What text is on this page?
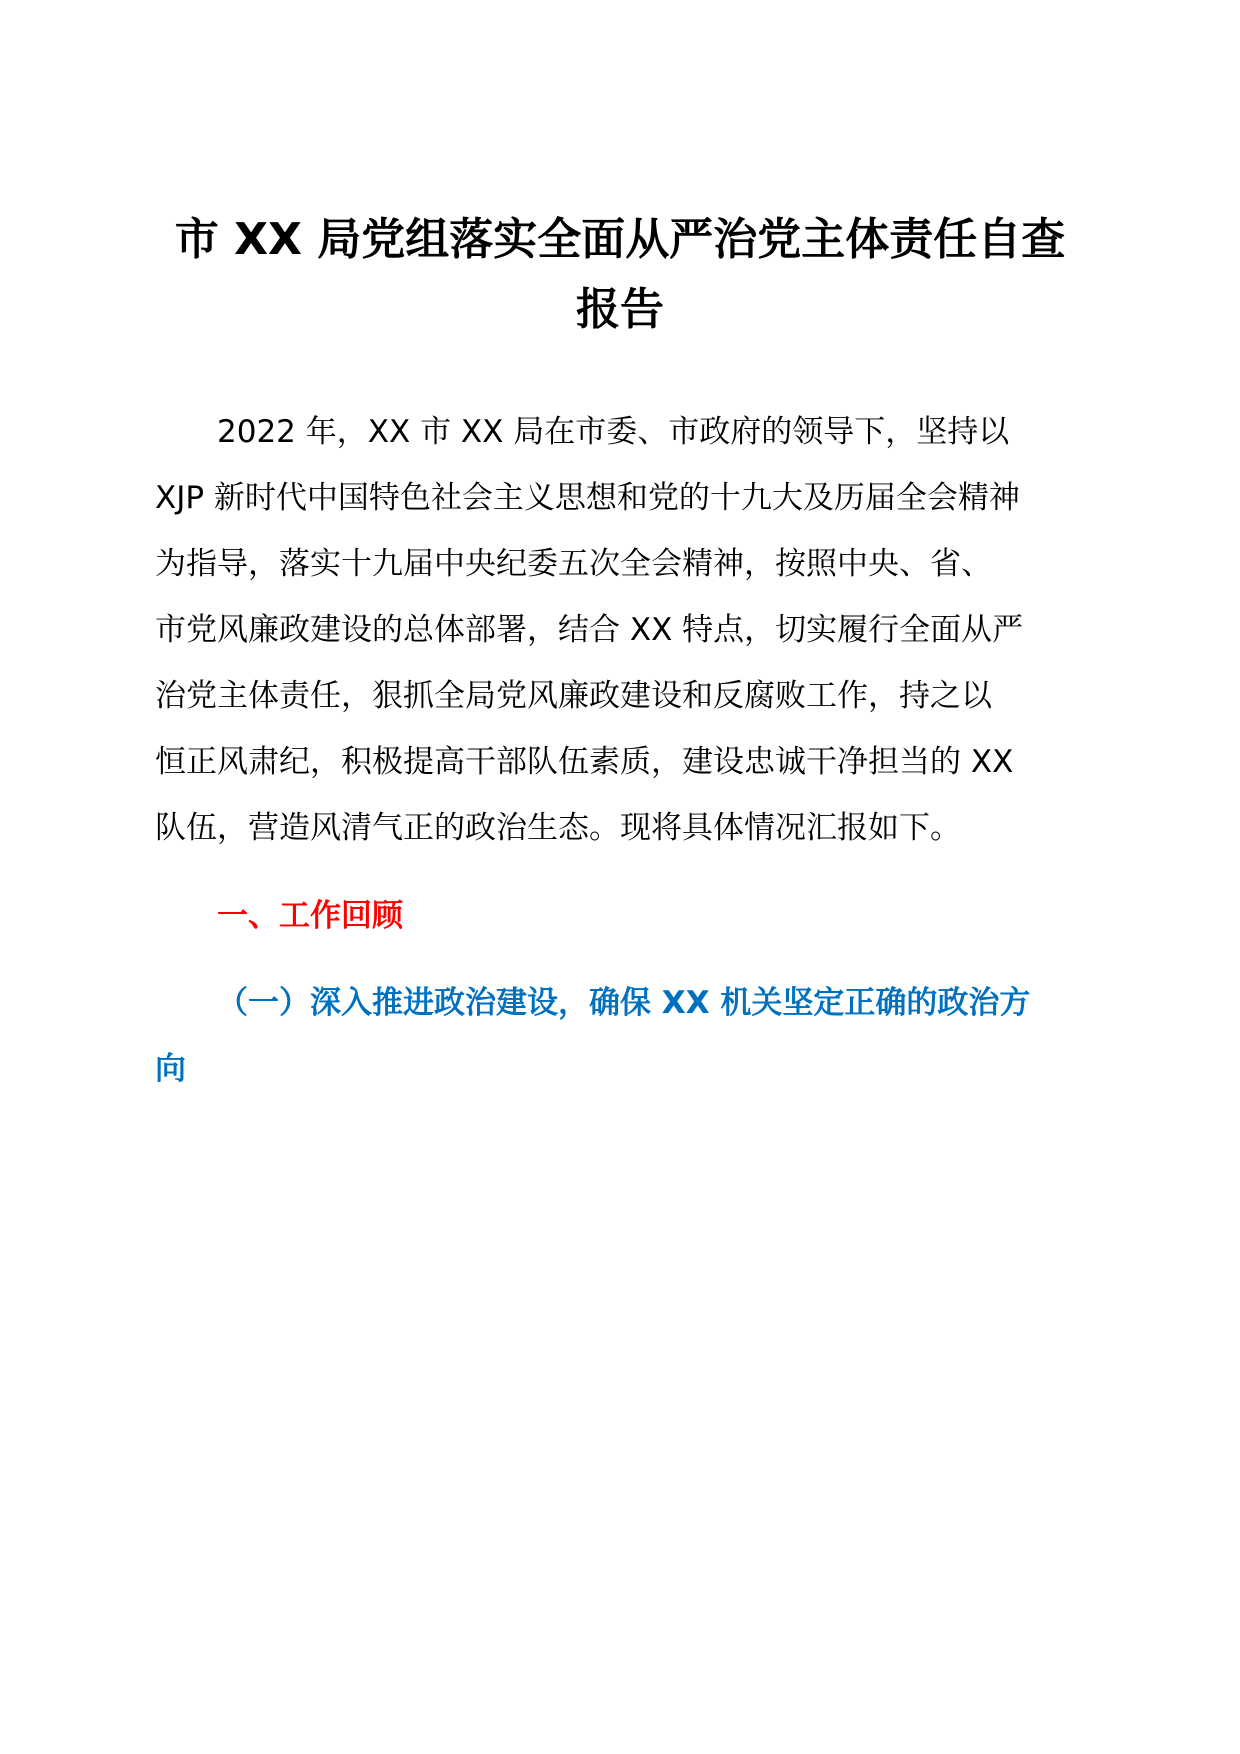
市 XX 局党组落实全面从严治党主体责任自查
报告

2022 年，XX 市 XX 局在市委、市政府的领导下，坚持以
XJP 新时代中国特色社会主义思想和党的十九大及历届全会精神
为指导，落实十九届中央纪委五次全会精神，按照中央、省、
市党风廉政建设的总体部署，结合 XX 特点，切实履行全面从严
治党主体责任，狠抓全局党风廉政建设和反腐败工作，持之以
恒正风肃纪，积极提高干部队伍素质，建设忠诚干净担当的 XX
队伍，营造风清气正的政治生态。现将具体情况汇报如下。

一、工作回顾
（一）深入推进政治建设，确保 XX 机关坚定正确的政治方
向
